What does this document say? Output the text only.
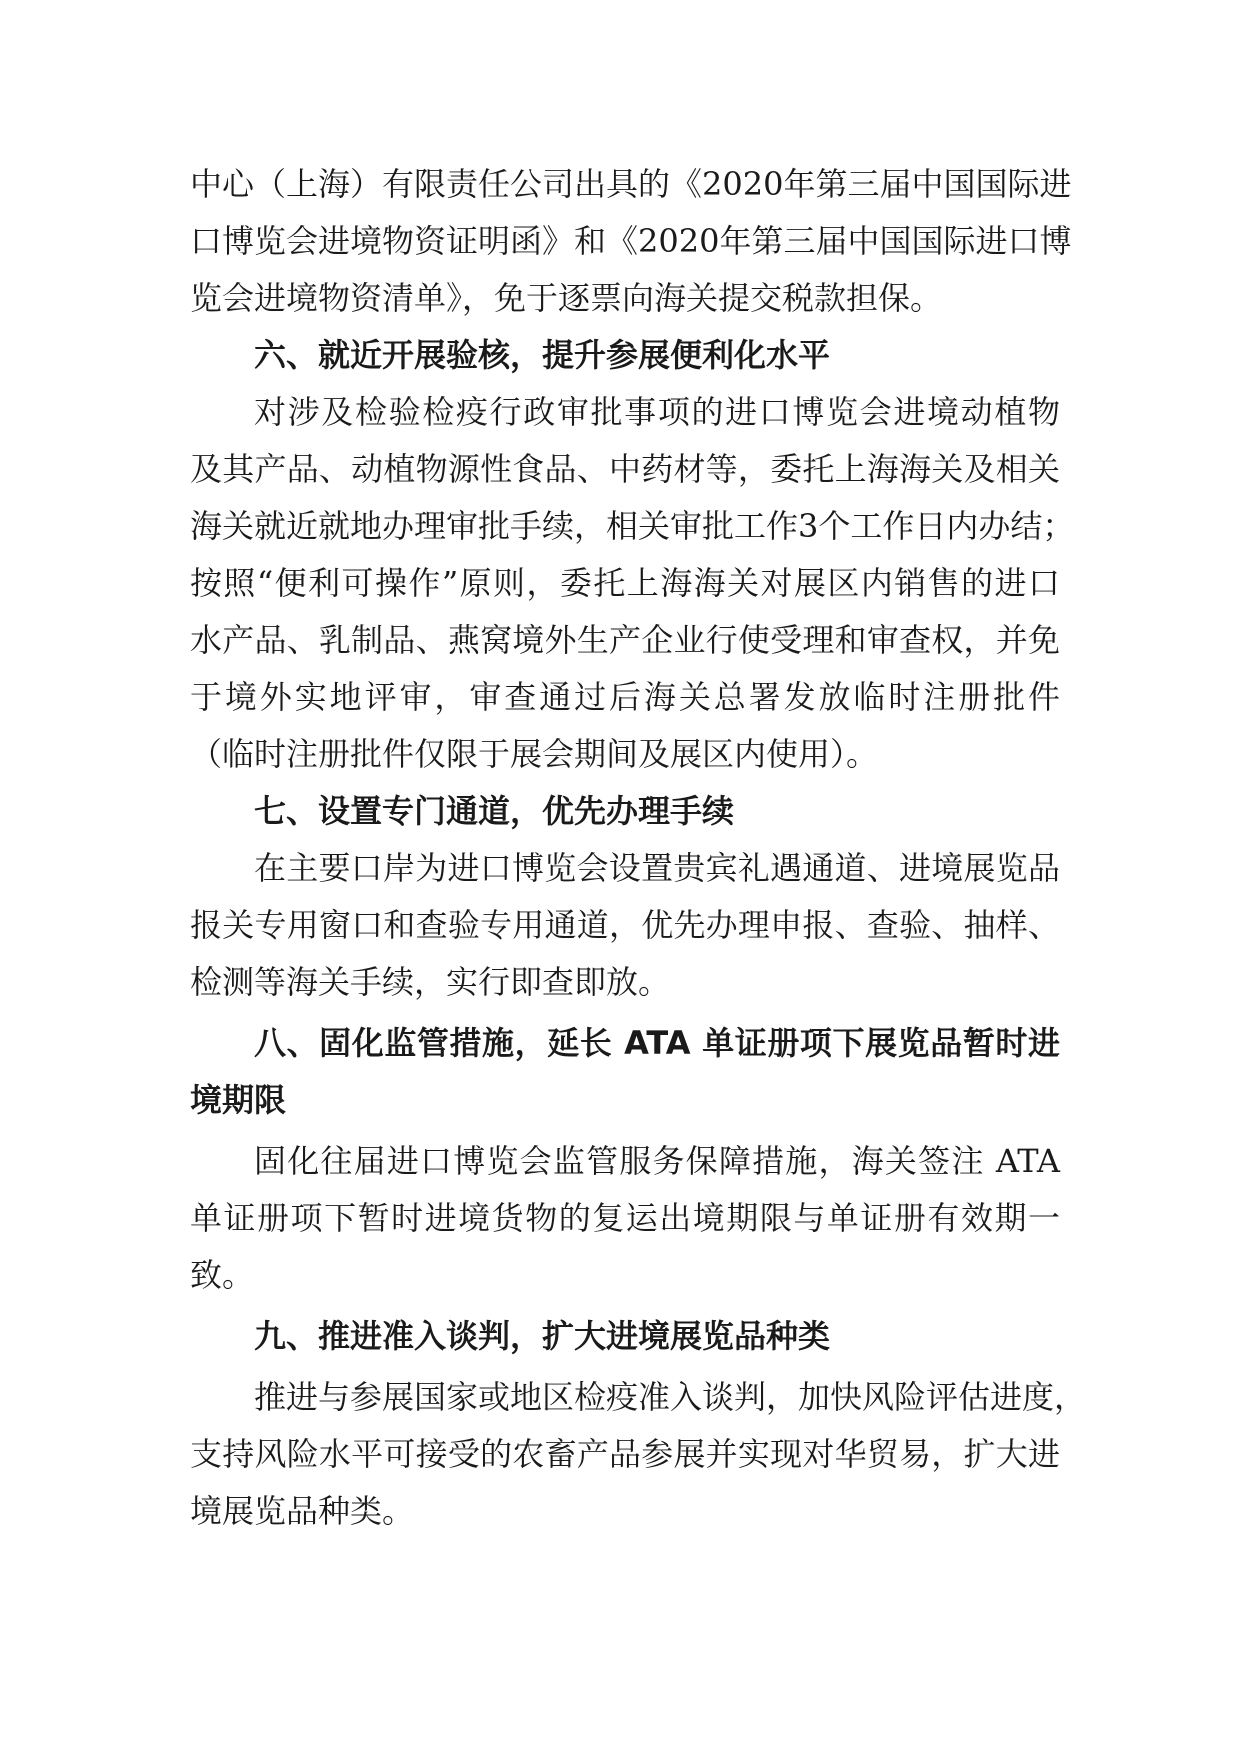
中心（上海）有限责任公司出具的《2020年第三届中国国际进
口博览会进境物资证明函》和《2020年第三届中国国际进口博
览会进境物资清单》，免于逐票向海关提交税款担保。
六、就近开展验核，提升参展便利化水平
对涉及检验检疫行政审批事项的进口博览会进境动植物
及其产品、动植物源性食品、中药材等，委托上海海关及相关
海关就近就地办理审批手续，相关审批工作3个工作日内办结；
按照“便利可操作”原则，委托上海海关对展区内销售的进口
水产品、乳制品、燕窝境外生产企业行使受理和审查权，并免
于境外实地评审，审查通过后海关总署发放临时注册批件
（临时注册批件仅限于展会期间及展区内使用）。
七、设置专门通道，优先办理手续
在主要口岸为进口博览会设置贵宾礼遇通道、进境展览品
报关专用窗口和查验专用通道，优先办理申报、查验、抽样、
检测等海关手续，实行即查即放。
八、固化监管措施，延长 ATA 单证册项下展览品暂时进
境期限
固化往届进口博览会监管服务保障措施，海关签注 ATA
单证册项下暂时进境货物的复运出境期限与单证册有效期一
致。
九、推进准入谈判，扩大进境展览品种类
推进与参展国家或地区检疫准入谈判，加快风险评估进度，
支持风险水平可接受的农畜产品参展并实现对华贸易，扩大进
境展览品种类。
